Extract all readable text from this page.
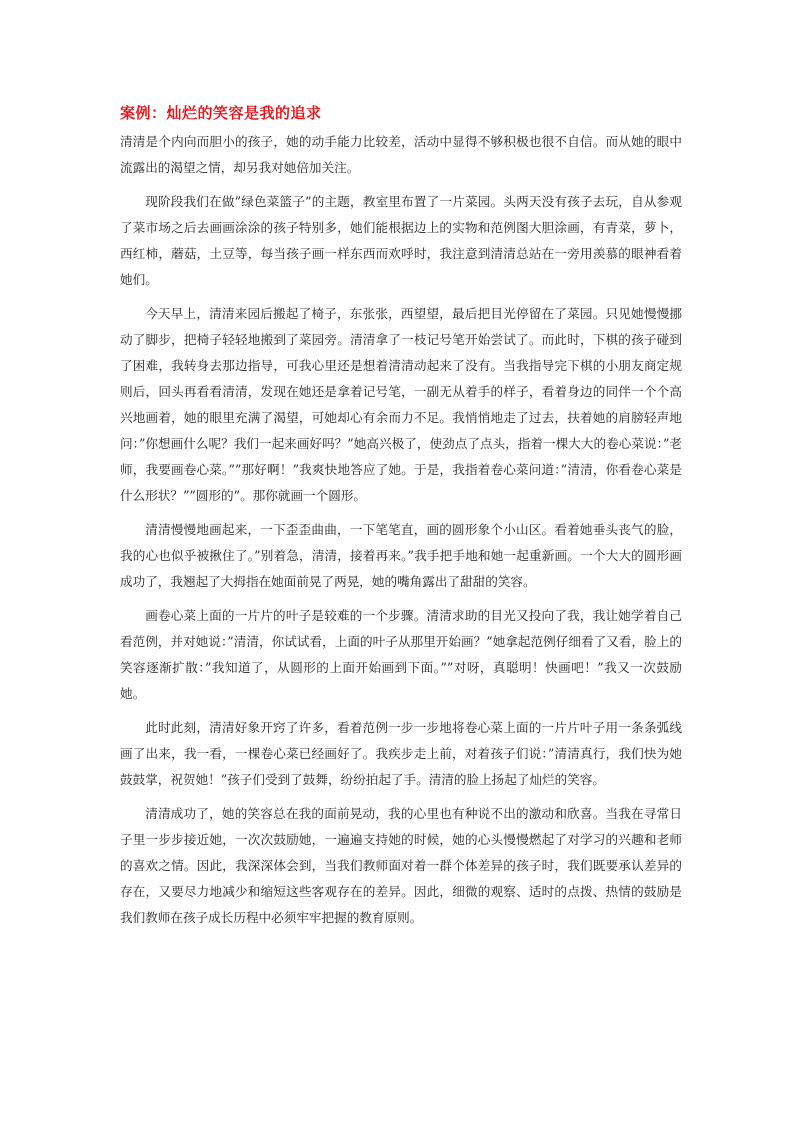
案例：灿烂的笑容是我的追求

清清是个内向而胆小的孩子，她的动手能力比较差，活动中显得不够积极也很不自信。而从她的眼中流露出的渴望之情，却另我对她倍加关注。

现阶段我们在做”绿色菜篮子”的主题，教室里布置了一片菜园。头两天没有孩子去玩，自从参观了菜市场之后去画画涂涂的孩子特别多，她们能根据边上的实物和范例图大胆涂画，有青菜，萝卜，西红柿，蘑菇，土豆等，每当孩子画一样东西而欢呼时，我注意到清清总站在一旁用羡慕的眼神看着她们。

今天早上，清清来园后搬起了椅子，东张张，西望望，最后把目光停留在了菜园。只见她慢慢挪动了脚步，把椅子轻轻地搬到了菜园旁。清清拿了一枝记号笔开始尝试了。而此时，下棋的孩子碰到了困难，我转身去那边指导，可我心里还是想着清清动起来了没有。当我指导完下棋的小朋友商定规则后，回头再看看清清，发现在她还是拿着记号笔，一副无从着手的样子，看着身边的同伴一个个高兴地画着，她的眼里充满了渴望，可她却心有余而力不足。我悄悄地走了过去，扶着她的肩膀轻声地问：”你想画什么呢？我们一起来画好吗？”她高兴极了，使劲点了点头，指着一棵大大的卷心菜说：”老师，我要画卷心菜。””那好啊！”我爽快地答应了她。于是，我指着卷心菜问道：”清清，你看卷心菜是什么形状？””圆形的”。那你就画一个圆形。

清清慢慢地画起来，一下歪歪曲曲，一下笔笔直，画的圆形象个小山区。看着她垂头丧气的脸，我的心也似乎被揪住了。”别着急，清清，接着再来。”我手把手地和她一起重新画。一个大大的圆形画成功了，我翘起了大拇指在她面前晃了两晃，她的嘴角露出了甜甜的笑容。

画卷心菜上面的一片片的叶子是较难的一个步骤。清清求助的目光又投向了我，我让她学着自己看范例，并对她说：”清清，你试试看，上面的叶子从那里开始画？”她拿起范例仔细看了又看，脸上的笑容逐渐扩散：”我知道了，从圆形的上面开始画到下面。””对呀，真聪明！快画吧！”我又一次鼓励她。

此时此刻，清清好象开窍了许多，看着范例一步一步地将卷心菜上面的一片片叶子用一条条弧线画了出来，我一看，一棵卷心菜已经画好了。我疾步走上前，对着孩子们说：”清清真行，我们快为她鼓鼓掌，祝贺她！”孩子们受到了鼓舞，纷纷拍起了手。清清的脸上扬起了灿烂的笑容。

清清成功了，她的笑容总在我的面前晃动，我的心里也有种说不出的激动和欣喜。当我在寻常日子里一步步接近她，一次次鼓励她，一遍遍支持她的时候，她的心头慢慢燃起了对学习的兴趣和老师的喜欢之情。因此，我深深体会到，当我们教师面对着一群个体差异的孩子时，我们既要承认差异的存在，又要尽力地减少和缩短这些客观存在的差异。因此，细微的观察、适时的点拨、热情的鼓励是我们教师在孩子成长历程中必须牢牢把握的教育原则。
